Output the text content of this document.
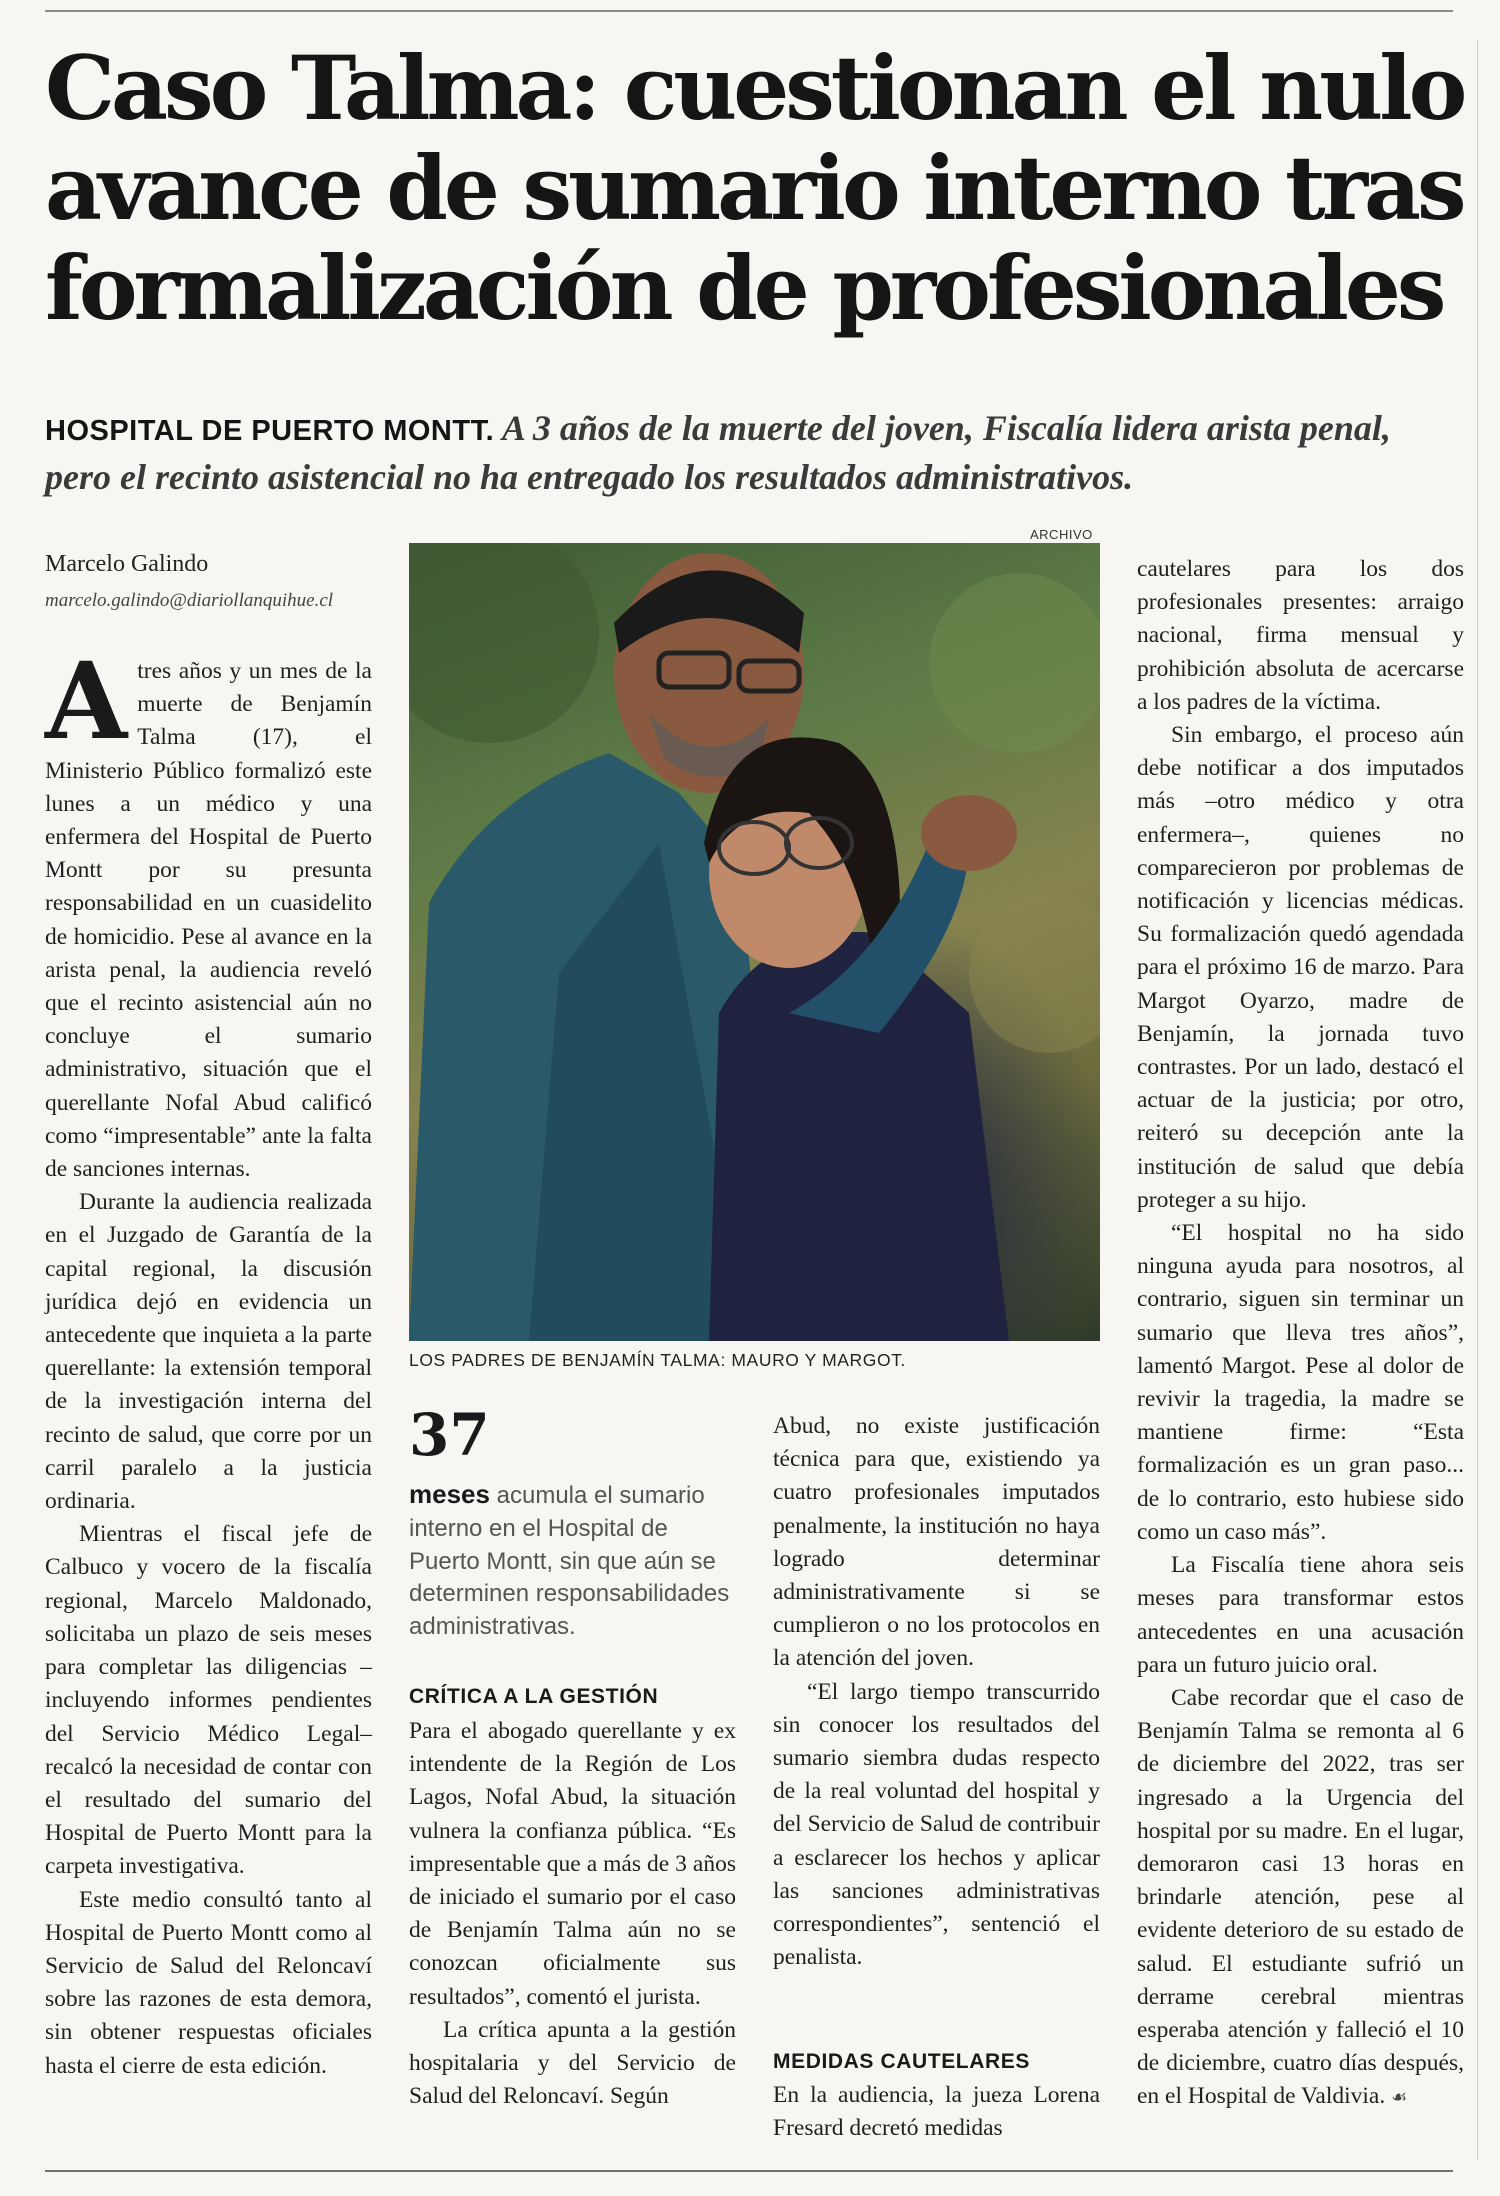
Caso Talma: cuestionan el nulo
avance de sumario interno tras
formalización de profesionales
HOSPITAL DE PUERTO MONTT. A 3 años de la muerte del joven, Fiscalía lidera arista penal, pero el recinto asistencial no ha entregado los resultados administrativos.
Marcelo Galindo
marcelo.galindo@diariollanquihue.cl

Atres años y un mes de la muerte de Benjamín Talma (17), el Ministerio Público formalizó este lunes a un médico y una enfermera del Hospital de Puerto Montt por su presunta responsabilidad en un cuasidelito de homicidio. Pese al avance en la arista penal, la audiencia reveló que el recinto asistencial aún no concluye el sumario administrativo, situación que el querellante Nofal Abud calificó como “impresentable” ante la falta de sanciones internas.

Durante la audiencia realizada en el Juzgado de Garantía de la capital regional, la discusión jurídica dejó en evidencia un antecedente que inquieta a la parte querellante: la extensión temporal de la investigación interna del recinto de salud, que corre por un carril paralelo a la justicia ordinaria.

Mientras el fiscal jefe de Calbuco y vocero de la fiscalía regional, Marcelo Maldonado, solicitaba un plazo de seis meses para completar las diligencias –incluyendo informes pendientes del Servicio Médico Legal– recalcó la necesidad de contar con el resultado del sumario del Hospital de Puerto Montt para la carpeta investigativa.

Este medio consultó tanto al Hospital de Puerto Montt como al Servicio de Salud del Reloncaví sobre las razones de esta demora, sin obtener respuestas oficiales hasta el cierre de esta edición.

ARCHIVO
LOS PADRES DE BENJAMÍN TALMA: MAURO Y MARGOT.
37
meses acumula el sumario interno en el Hospital de Puerto Montt, sin que aún se determinen responsabilidades administrativas.
CRÍTICA A LA GESTIÓN

Para el abogado querellante y ex intendente de la Región de Los Lagos, Nofal Abud, la situación vulnera la confianza pública. “Es impresentable que a más de 3 años de iniciado el sumario por el caso de Benjamín Talma aún no se conozcan oficialmente sus resultados”, comentó el jurista.

La crítica apunta a la gestión hospitalaria y del Servicio de Salud del Reloncaví. Según

Abud, no existe justificación técnica para que, existiendo ya cuatro profesionales imputados penalmente, la institución no haya logrado determinar administrativamente si se cumplieron o no los protocolos en la atención del joven.

“El largo tiempo transcurrido sin conocer los resultados del sumario siembra dudas respecto de la real voluntad del hospital y del Servicio de Salud de contribuir a esclarecer los hechos y aplicar las sanciones administrativas correspondientes”, sentenció el penalista.

MEDIDAS CAUTELARES

En la audiencia, la jueza Lorena Fresard decretó medidas

cautelares para los dos profesionales presentes: arraigo nacional, firma mensual y prohibición absoluta de acercarse a los padres de la víctima.

Sin embargo, el proceso aún debe notificar a dos imputados más –otro médico y otra enfermera–, quienes no comparecieron por problemas de notificación y licencias médicas. Su formalización quedó agendada para el próximo 16 de marzo. Para Margot Oyarzo, madre de Benjamín, la jornada tuvo contrastes. Por un lado, destacó el actuar de la justicia; por otro, reiteró su decepción ante la institución de salud que debía proteger a su hijo.

“El hospital no ha sido ninguna ayuda para nosotros, al contrario, siguen sin terminar un sumario que lleva tres años”, lamentó Margot. Pese al dolor de revivir la tragedia, la madre se mantiene firme: “Esta formalización es un gran paso... de lo contrario, esto hubiese sido como un caso más”.

La Fiscalía tiene ahora seis meses para transformar estos antecedentes en una acusación para un futuro juicio oral.

Cabe recordar que el caso de Benjamín Talma se remonta al 6 de diciembre del 2022, tras ser ingresado a la Urgencia del hospital por su madre. En el lugar, demoraron casi 13 horas en brindarle atención, pese al evidente deterioro de su estado de salud. El estudiante sufrió un derrame cerebral mientras esperaba atención y falleció el 10 de diciembre, cuatro días después, en el Hospital de Valdivia. ☙
